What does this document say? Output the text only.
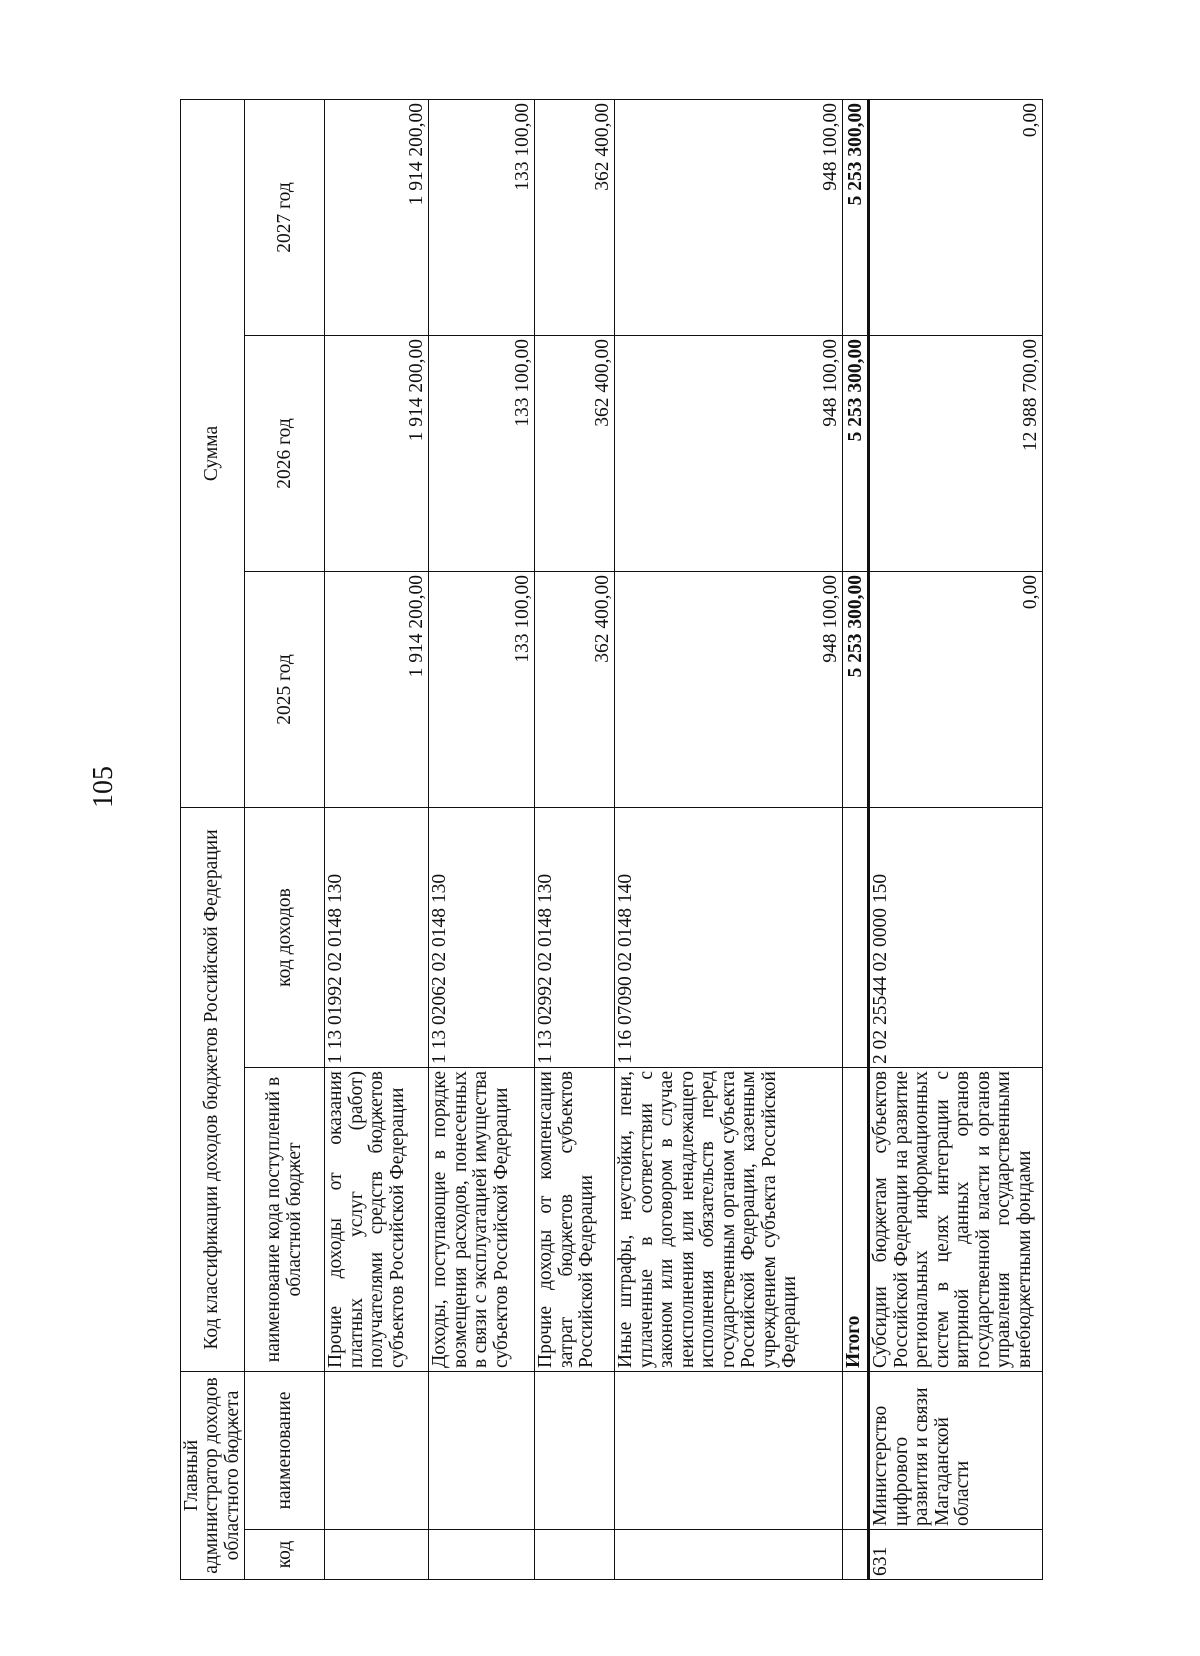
105
Главный администратор доходов областного бюджета		Код классификации доходов бюджетов Российской Федерации		Сумма		
код	наименование	наименование кода поступлений в областной бюджет	код доходов	2025 год	2026 год	2027 год
		Прочие доходы от оказания платных услуг (работ) получателями средств бюджетов субъектов Российской Федерации	1 13 01992 02 0148 130	1 914 200,00	1 914 200,00	1 914 200,00
		Доходы, поступающие в порядке возмещения расходов, понесенных в связи с эксплуатацией имущества субъектов Российской Федерации	1 13 02062 02 0148 130	133 100,00	133 100,00	133 100,00
		Прочие доходы от компенсации затрат бюджетов субъектов Российской Федерации	1 13 02992 02 0148 130	362 400,00	362 400,00	362 400,00
		Иные штрафы, неустойки, пени, уплаченные в соответствии с законом или договором в случае неисполнения или ненадлежащего исполнения обязательств перед государственным органом субъекта Российской Федерации, казенным учреждением субъекта Российской Федерации	1 16 07090 02 0148 140	948 100,00	948 100,00	948 100,00
		Итого		5 253 300,00	5 253 300,00	5 253 300,00
631	Министерство цифрового развития и связи Магаданской области	Субсидии бюджетам субъектов Российской Федерации на развитие региональных информационных систем в целях интеграции с витриной данных органов государственной власти и органов управления государственными внебюджетными фондами	2 02 25544 02 0000 150	0,00	12 988 700,00	0,00
